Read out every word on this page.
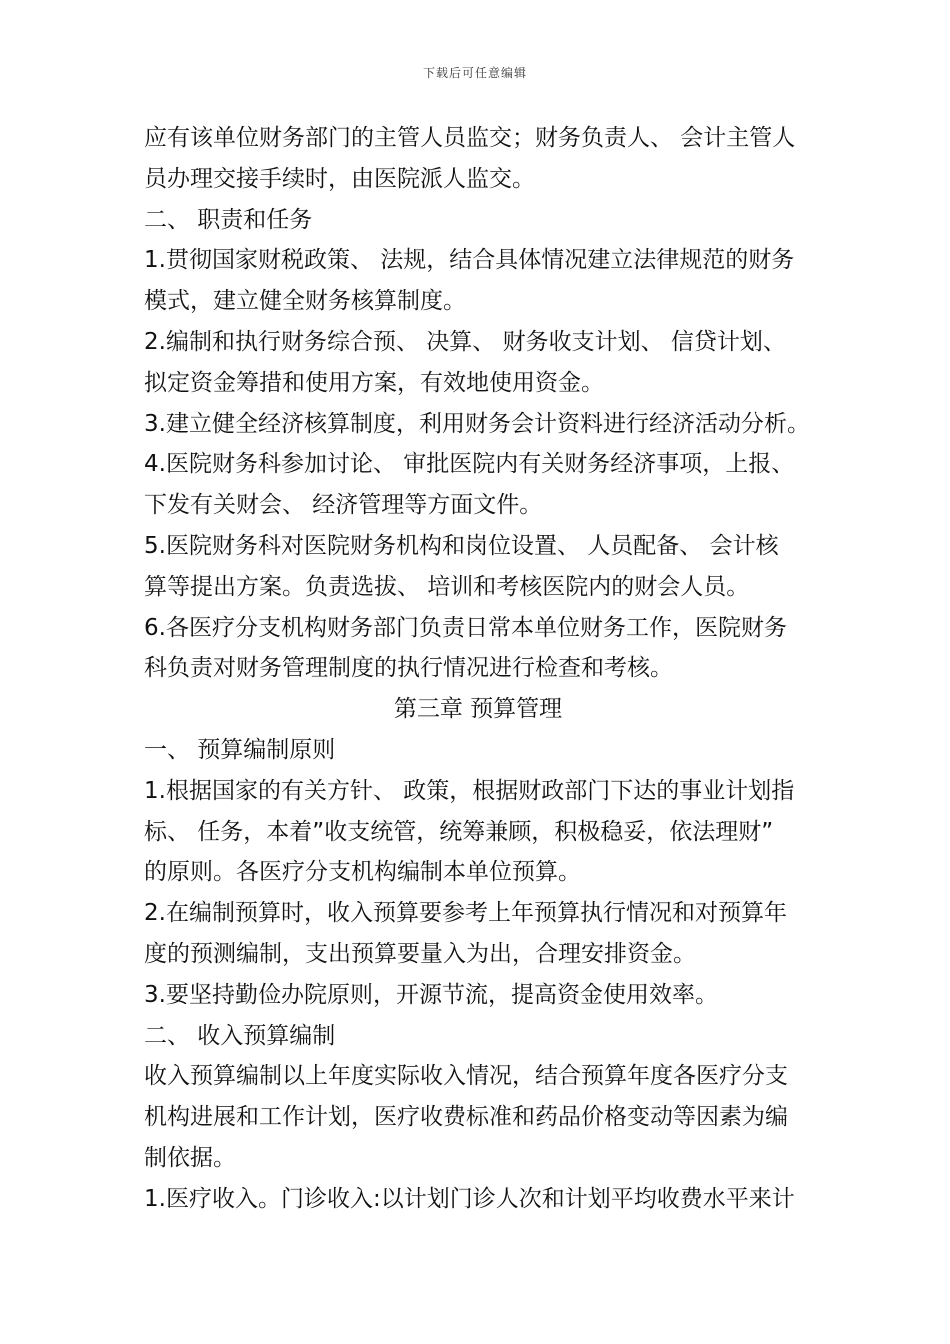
下载后可任意编辑
应有该单位财务部门的主管人员监交；财务负责人、 会计主管人
员办理交接手续时，由医院派人监交。
二、 职责和任务
1.贯彻国家财税政策、 法规，结合具体情况建立法律规范的财务
模式，建立健全财务核算制度。
2.编制和执行财务综合预、 决算、 财务收支计划、 信贷计划、
拟定资金筹措和使用方案，有效地使用资金。
3.建立健全经济核算制度，利用财务会计资料进行经济活动分析。
4.医院财务科参加讨论、 审批医院内有关财务经济事项，上报、
下发有关财会、 经济管理等方面文件。
5.医院财务科对医院财务机构和岗位设置、 人员配备、 会计核
算等提出方案。负责选拔、 培训和考核医院内的财会人员。
6.各医疗分支机构财务部门负责日常本单位财务工作，医院财务
科负责对财务管理制度的执行情况进行检查和考核。
第三章 预算管理
一、 预算编制原则
1.根据国家的有关方针、 政策，根据财政部门下达的事业计划指
标、 任务，本着”收支统管，统筹兼顾，积极稳妥，依法理财”
的原则。各医疗分支机构编制本单位预算。
2.在编制预算时，收入预算要参考上年预算执行情况和对预算年
度的预测编制，支出预算要量入为出，合理安排资金。
3.要坚持勤俭办院原则，开源节流，提高资金使用效率。
二、 收入预算编制
收入预算编制以上年度实际收入情况，结合预算年度各医疗分支
机构进展和工作计划，医疗收费标准和药品价格变动等因素为编
制依据。
1.医疗收入。门诊收入:以计划门诊人次和计划平均收费水平来计
